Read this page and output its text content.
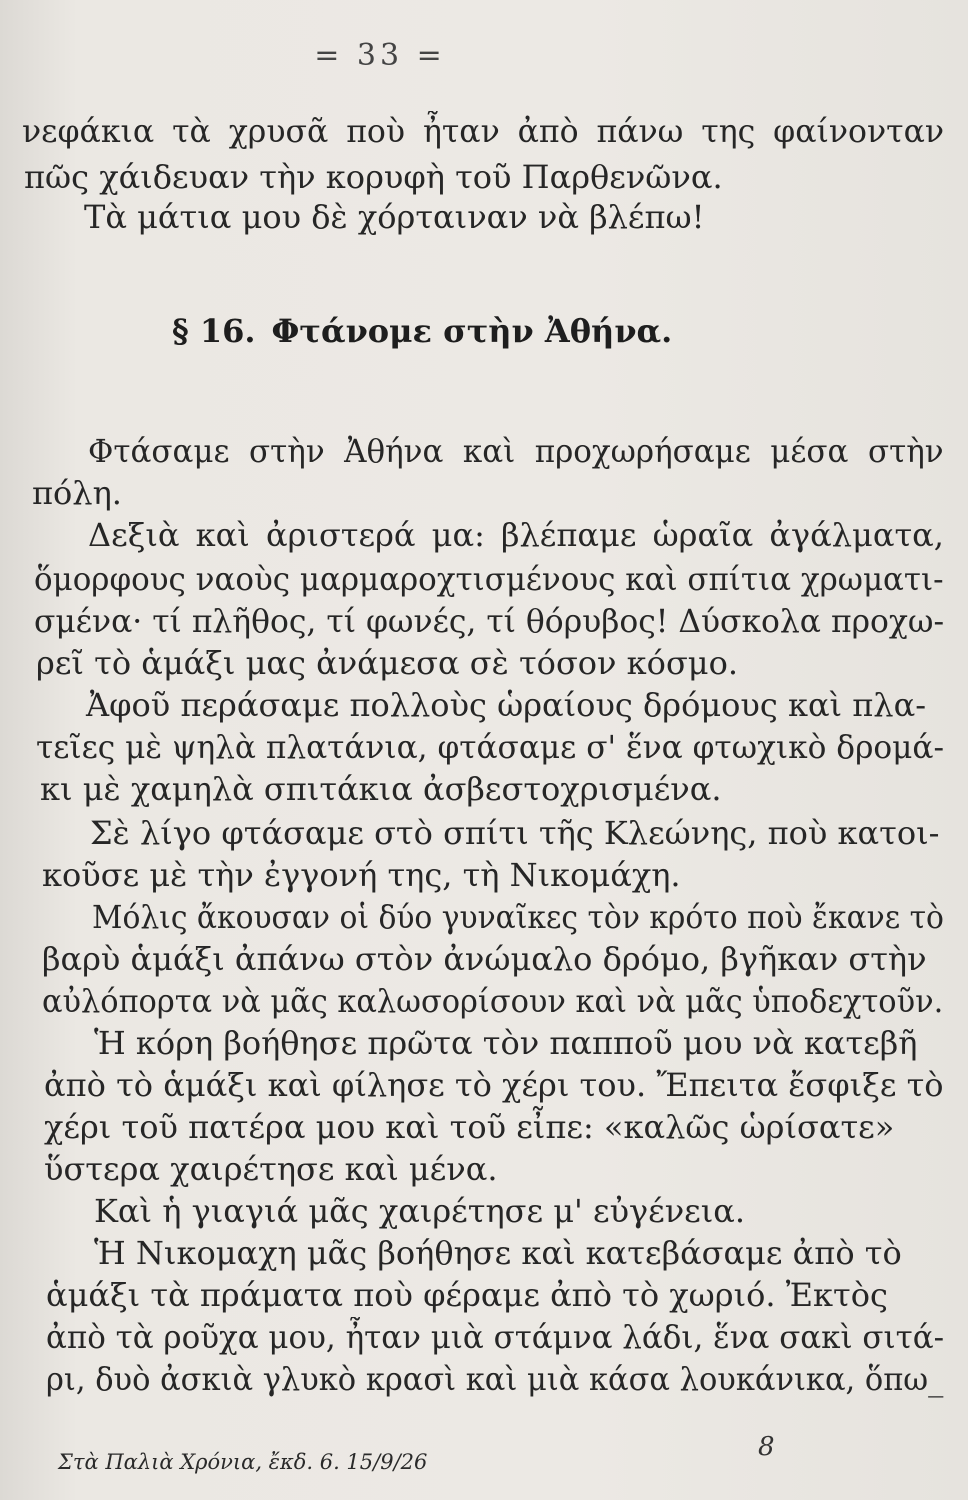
= 33 =
νεφάκια τὰ χρυσᾶ ποὺ ἦταν ἀπὸ πάνω της φαίνονταν
πῶς χάιδευαν τὴν κορυφὴ τοῦ Παρθενῶνα.
Τὰ μάτια μου δὲ χόρταιναν νὰ βλέπω!
§ 16. Φτάνομε στὴν Ἀθήνα.
Φτάσαμε στὴν Ἀθήνα καὶ προχωρήσαμε μέσα στὴν
πόλη.
Δεξιὰ καὶ ἀριστερά μα: βλέπαμε ὡραῖα ἀγάλματα,
ὅμορφους ναοὺς μαρμαροχτισμένους καὶ σπίτια χρωματι-
σμένα· τί πλῆθος, τί φωνές, τί θόρυβος! Δύσκολα προχω-
ρεῖ τὸ ἁμάξι μας ἀνάμεσα σὲ τόσον κόσμο.
Ἀφοῦ περάσαμε πολλοὺς ὡραίους δρόμους καὶ πλα-
τεῖες μὲ ψηλὰ πλατάνια, φτάσαμε σ' ἕνα φτωχικὸ δρομά-
κι μὲ χαμηλὰ σπιτάκια ἀσβεστοχρισμένα.
Σὲ λίγο φτάσαμε στὸ σπίτι τῆς Κλεώνης, ποὺ κατοι-
κοῦσε μὲ τὴν ἐγγονή της, τὴ Νικομάχη.
Μόλις ἄκουσαν οἱ δύο γυναῖκες τὸν κρότο ποὺ ἔκανε τὸ
βαρὺ ἁμάξι ἀπάνω στὸν ἀνώμαλο δρόμο, βγῆκαν στὴν
αὐλόπορτα νὰ μᾶς καλωσορίσουν καὶ νὰ μᾶς ὑποδεχτοῦν.
Ἡ κόρη βοήθησε πρῶτα τὸν παπποῦ μου νὰ κατεβῆ
ἀπὸ τὸ ἁμάξι καὶ φίλησε τὸ χέρι του. Ἔπειτα ἔσφιξε τὸ
χέρι τοῦ πατέρα μου καὶ τοῦ εἶπε: «καλῶς ὡρίσατε»
ὕστερα χαιρέτησε καὶ μένα.
Καὶ ἡ γιαγιά μᾶς χαιρέτησε μ' εὐγένεια.
Ἡ Νικομαχη μᾶς βοήθησε καὶ κατεβάσαμε ἀπὸ τὸ
ἁμάξι τὰ πράματα ποὺ φέραμε ἀπὸ τὸ χωριό. Ἐκτὸς
ἀπὸ τὰ ροῦχα μου, ἦταν μιὰ στάμνα λάδι, ἕνα σακὶ σιτά-
ρι, δυὸ ἀσκιὰ γλυκὸ κρασὶ καὶ μιὰ κάσα λουκάνικα, ὅπω_
Στὰ Παλιὰ Χρόνια, ἔκδ. 6. 15/9/26	8
